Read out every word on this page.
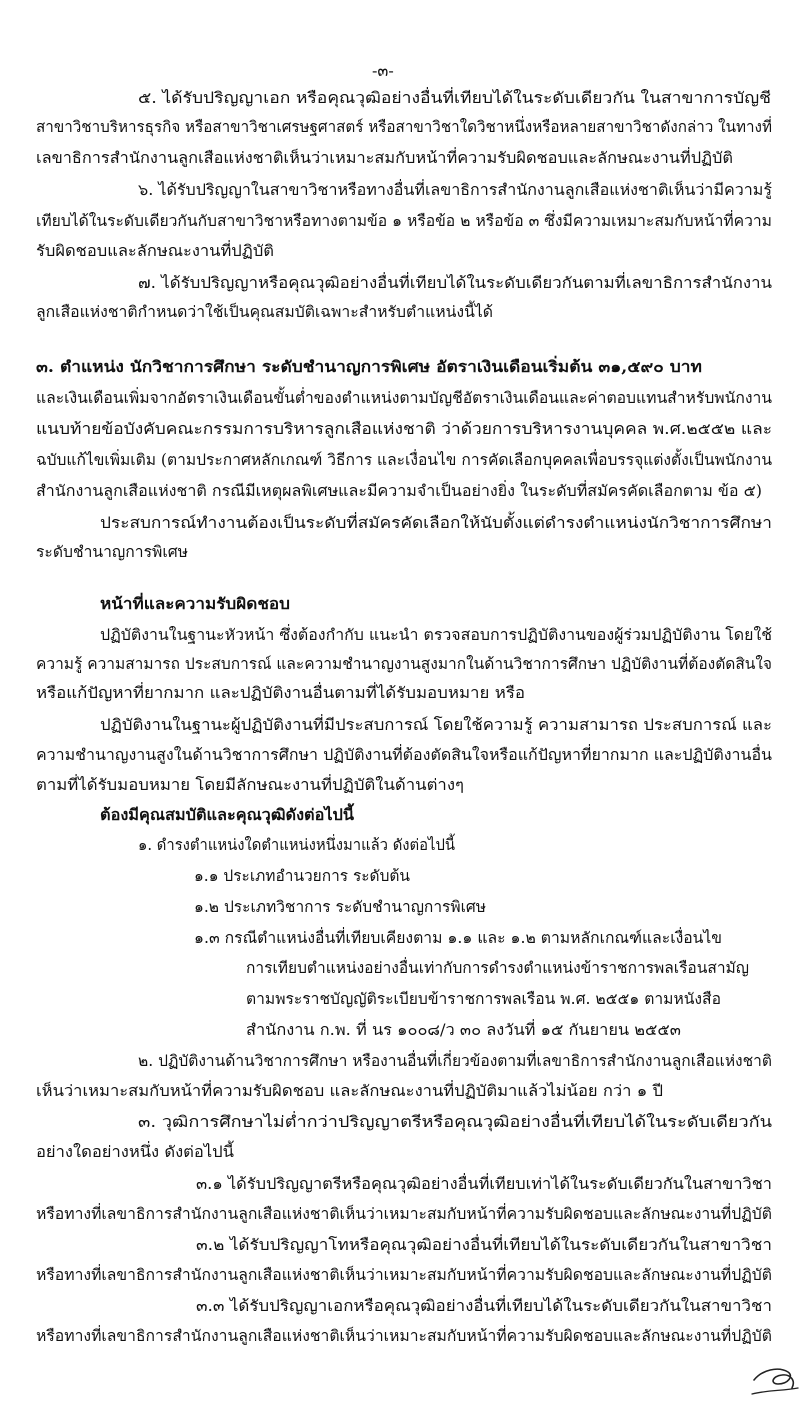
-๓-
๕. ได้รับปริญญาเอก หรือคุณวุฒิอย่างอื่นที่เทียบได้ในระดับเดียวกัน ในสาขาการบัญชี
สาขาวิชาบริหารธุรกิจ หรือสาขาวิชาเศรษฐศาสตร์ หรือสาขาวิชาใดวิชาหนึ่งหรือหลายสาขาวิชาดังกล่าว ในทางที่
เลขาธิการสำนักงานลูกเสือแห่งชาติเห็นว่าเหมาะสมกับหน้าที่ความรับผิดชอบและลักษณะงานที่ปฏิบัติ
๖. ได้รับปริญญาในสาขาวิชาหรือทางอื่นที่เลขาธิการสำนักงานลูกเสือแห่งชาติเห็นว่ามีความรู้
เทียบได้ในระดับเดียวกันกับสาขาวิชาหรือทางตามข้อ ๑ หรือข้อ ๒ หรือข้อ ๓ ซึ่งมีความเหมาะสมกับหน้าที่ความ
รับผิดชอบและลักษณะงานที่ปฏิบัติ
๗. ได้รับปริญญาหรือคุณวุฒิอย่างอื่นที่เทียบได้ในระดับเดียวกันตามที่เลขาธิการสำนักงาน
ลูกเสือแห่งชาติกำหนดว่าใช้เป็นคุณสมบัติเฉพาะสำหรับตำแหน่งนี้ได้
๓. ตำแหน่ง นักวิชาการศึกษา ระดับชำนาญการพิเศษ อัตราเงินเดือนเริ่มต้น ๓๑,๕๙๐ บาท
และเงินเดือนเพิ่มจากอัตราเงินเดือนขั้นต่ำของตำแหน่งตามบัญชีอัตราเงินเดือนและค่าตอบแทนสำหรับพนักงาน
แนบท้ายข้อบังคับคณะกรรมการบริหารลูกเสือแห่งชาติ ว่าด้วยการบริหารงานบุคคล พ.ศ.๒๕๕๒ และ
ฉบับแก้ไขเพิ่มเติม (ตามประกาศหลักเกณฑ์ วิธีการ และเงื่อนไข การคัดเลือกบุคคลเพื่อบรรจุแต่งตั้งเป็นพนักงาน
สำนักงานลูกเสือแห่งชาติ กรณีมีเหตุผลพิเศษและมีความจำเป็นอย่างยิ่ง ในระดับที่สมัครคัดเลือกตาม ข้อ ๕)
ประสบการณ์ทำงานต้องเป็นระดับที่สมัครคัดเลือกให้นับตั้งแต่ดำรงตำแหน่งนักวิชาการศึกษา
ระดับชำนาญการพิเศษ
หน้าที่และความรับผิดชอบ
ปฏิบัติงานในฐานะหัวหน้า ซึ่งต้องกำกับ แนะนำ ตรวจสอบการปฏิบัติงานของผู้ร่วมปฏิบัติงาน โดยใช้
ความรู้ ความสามารถ ประสบการณ์ และความชำนาญงานสูงมากในด้านวิชาการศึกษา ปฏิบัติงานที่ต้องตัดสินใจ
หรือแก้ปัญหาที่ยากมาก และปฏิบัติงานอื่นตามที่ได้รับมอบหมาย หรือ
ปฏิบัติงานในฐานะผู้ปฏิบัติงานที่มีประสบการณ์ โดยใช้ความรู้ ความสามารถ ประสบการณ์ และ
ความชำนาญงานสูงในด้านวิชาการศึกษา ปฏิบัติงานที่ต้องตัดสินใจหรือแก้ปัญหาที่ยากมาก และปฏิบัติงานอื่น
ตามที่ได้รับมอบหมาย โดยมีลักษณะงานที่ปฏิบัติในด้านต่างๆ
ต้องมีคุณสมบัติและคุณวุฒิดังต่อไปนี้
๑. ดำรงตำแหน่งใดตำแหน่งหนึ่งมาแล้ว ดังต่อไปนี้
๑.๑ ประเภทอำนวยการ ระดับต้น
๑.๒ ประเภทวิชาการ ระดับชำนาญการพิเศษ
๑.๓ กรณีตำแหน่งอื่นที่เทียบเคียงตาม ๑.๑ และ ๑.๒ ตามหลักเกณฑ์และเงื่อนไข
การเทียบตำแหน่งอย่างอื่นเท่ากับการดำรงตำแหน่งข้าราชการพลเรือนสามัญ
ตามพระราชบัญญัติระเบียบข้าราชการพลเรือน พ.ศ. ๒๕๕๑ ตามหนังสือ
สำนักงาน ก.พ. ที่ นร ๑๐๐๘/ว ๓๐ ลงวันที่ ๑๕ กันยายน ๒๕๕๓
๒. ปฏิบัติงานด้านวิชาการศึกษา หรืองานอื่นที่เกี่ยวข้องตามที่เลขาธิการสำนักงานลูกเสือแห่งชาติ
เห็นว่าเหมาะสมกับหน้าที่ความรับผิดชอบ และลักษณะงานที่ปฏิบัติมาแล้วไม่น้อย กว่า ๑ ปี
๓. วุฒิการศึกษาไม่ต่ำกว่าปริญญาตรีหรือคุณวุฒิอย่างอื่นที่เทียบได้ในระดับเดียวกัน
อย่างใดอย่างหนึ่ง ดังต่อไปนี้
๓.๑ ได้รับปริญญาตรีหรือคุณวุฒิอย่างอื่นที่เทียบเท่าได้ในระดับเดียวกันในสาขาวิชา
หรือทางที่เลขาธิการสำนักงานลูกเสือแห่งชาติเห็นว่าเหมาะสมกับหน้าที่ความรับผิดชอบและลักษณะงานที่ปฏิบัติ
๓.๒ ได้รับปริญญาโทหรือคุณวุฒิอย่างอื่นที่เทียบได้ในระดับเดียวกันในสาขาวิชา
หรือทางที่เลขาธิการสำนักงานลูกเสือแห่งชาติเห็นว่าเหมาะสมกับหน้าที่ความรับผิดชอบและลักษณะงานที่ปฏิบัติ
๓.๓ ได้รับปริญญาเอกหรือคุณวุฒิอย่างอื่นที่เทียบได้ในระดับเดียวกันในสาขาวิชา
หรือทางที่เลขาธิการสำนักงานลูกเสือแห่งชาติเห็นว่าเหมาะสมกับหน้าที่ความรับผิดชอบและลักษณะงานที่ปฏิบัติ
